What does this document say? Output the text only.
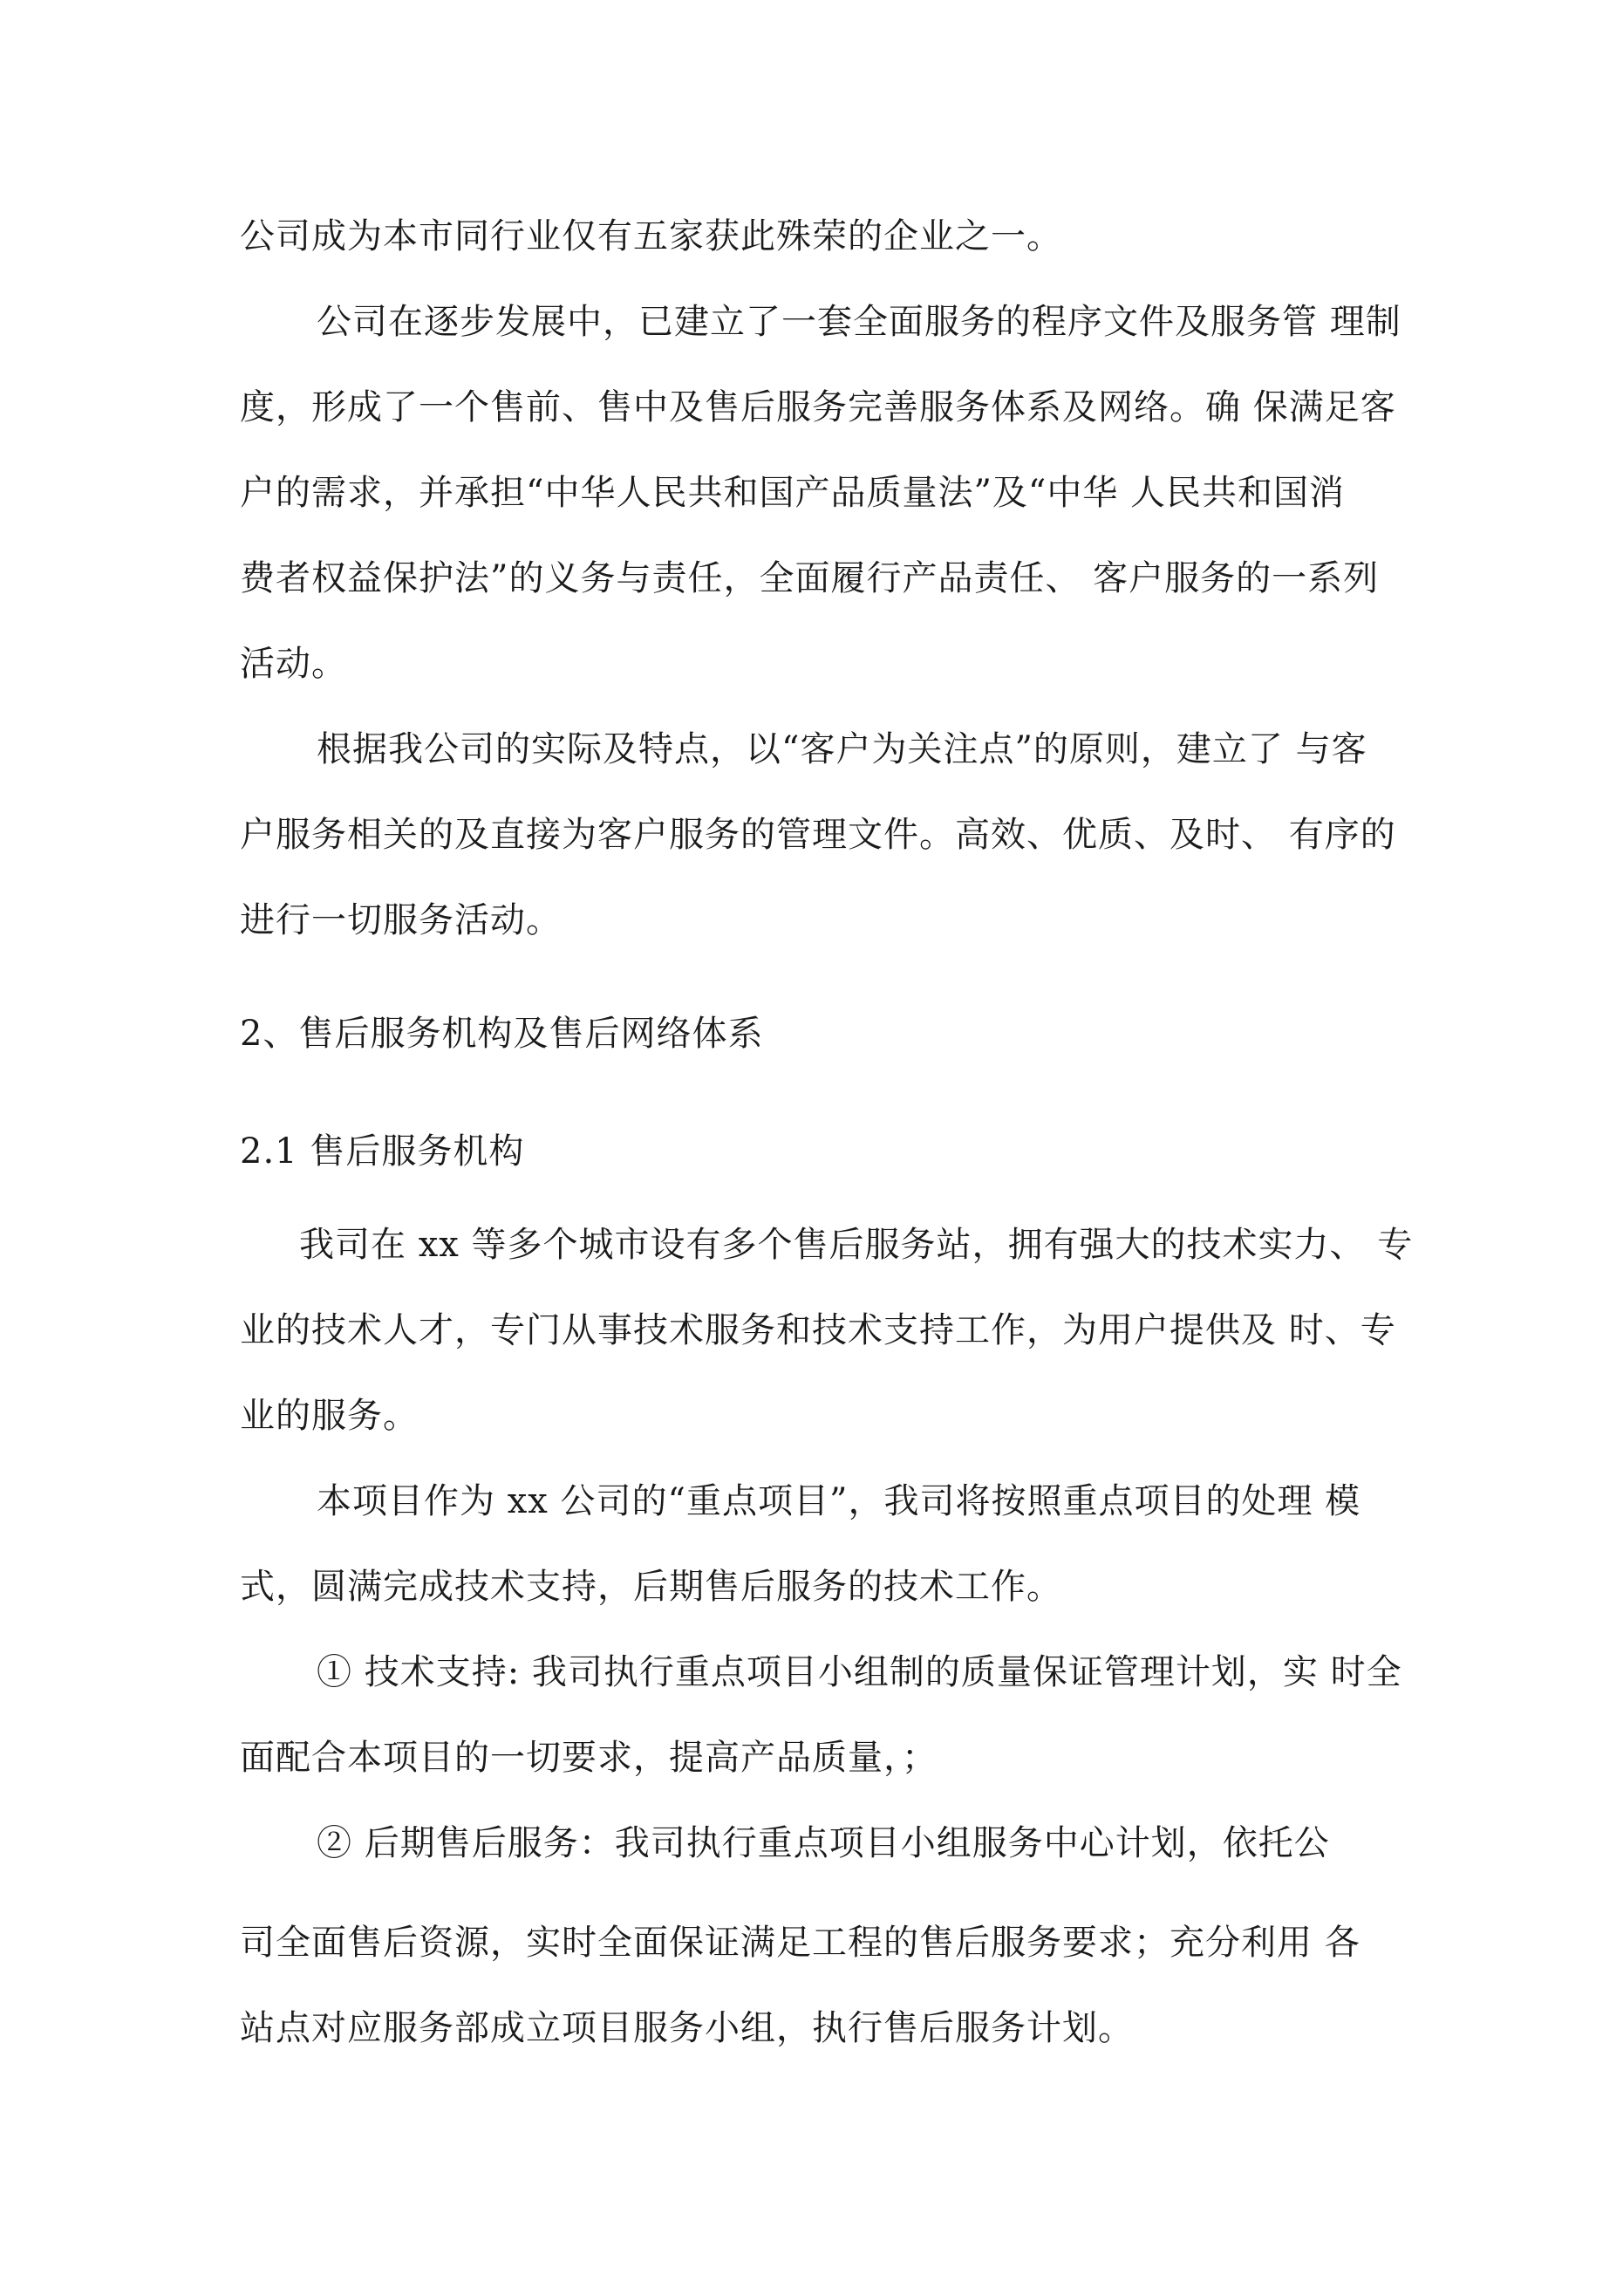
公司成为本市同行业仅有五家获此殊荣的企业之一。
公司在逐步发展中，已建立了一套全面服务的程序文件及服务管 理制
度，形成了一个售前、售中及售后服务完善服务体系及网络。确 保满足客
户的需求，并承担“中华人民共和国产品质量法”及“中华 人民共和国消
费者权益保护法”的义务与责任，全面履行产品责任、 客户服务的一系列
活动。
根据我公司的实际及特点，以“客户为关注点”的原则，建立了 与客
户服务相关的及直接为客户服务的管理文件。高效、优质、及时、 有序的
进行一切服务活动。
2、售后服务机构及售后网络体系
2.1 售后服务机构
我司在 xx 等多个城市设有多个售后服务站，拥有强大的技术实力、 专
业的技术人才，专门从事技术服务和技术支持工作，为用户提供及 时、专
业的服务。
本项目作为 xx 公司的“重点项目”，我司将按照重点项目的处理 模
式，圆满完成技术支持，后期售后服务的技术工作。
① 技术支持: 我司执行重点项目小组制的质量保证管理计划，实 时全
面配合本项目的一切要求，提高产品质量，；
② 后期售后服务：我司执行重点项目小组服务中心计划，依托公
司全面售后资源，实时全面保证满足工程的售后服务要求；充分利用 各
站点对应服务部成立项目服务小组，执行售后服务计划。
